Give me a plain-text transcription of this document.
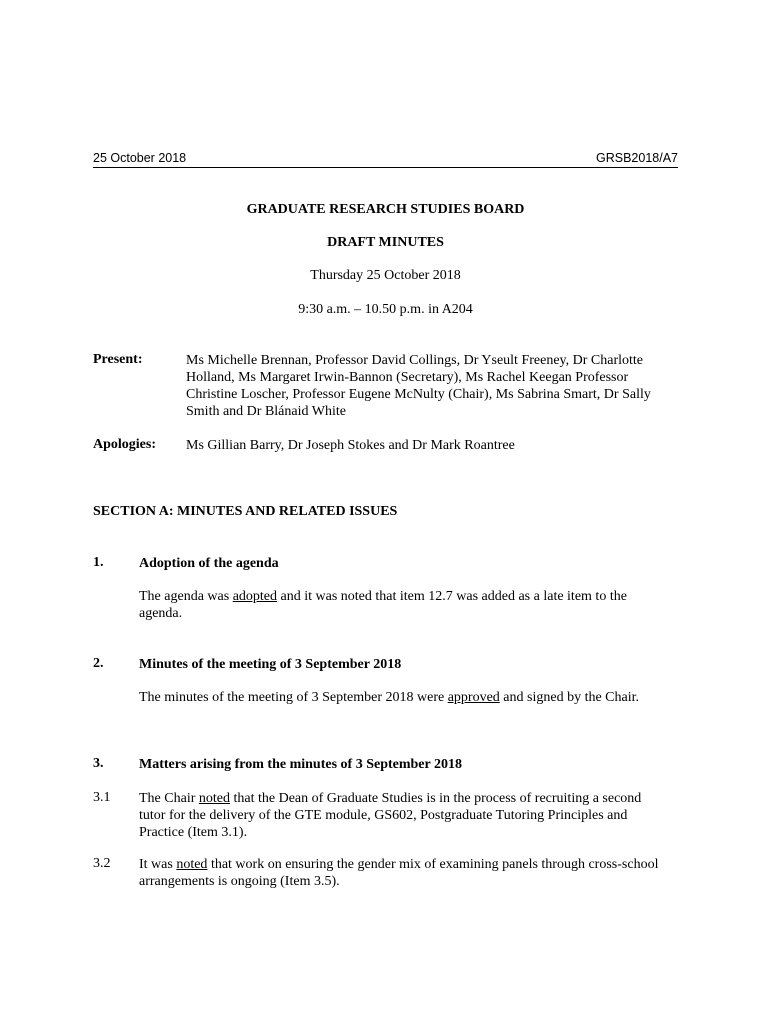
25 October 2018	GRSB2018/A7
GRADUATE RESEARCH STUDIES BOARD
DRAFT MINUTES
Thursday 25 October 2018
9:30 a.m. – 10.50 p.m. in A204
Present:	Ms Michelle Brennan, Professor David Collings, Dr Yseult Freeney, Dr Charlotte Holland, Ms Margaret Irwin-Bannon (Secretary), Ms Rachel Keegan Professor Christine Loscher, Professor Eugene McNulty (Chair), Ms Sabrina Smart, Dr Sally Smith and Dr Blánaid White
Apologies: Ms Gillian Barry, Dr Joseph Stokes and Dr Mark Roantree
SECTION A: MINUTES AND RELATED ISSUES
1.	Adoption of the agenda
The agenda was adopted and it was noted that item 12.7 was added as a late item to the agenda.
2.	Minutes of the meeting of 3 September 2018
The minutes of the meeting of 3 September 2018 were approved and signed by the Chair.
3.	Matters arising from the minutes of 3 September 2018
3.1 The Chair noted that the Dean of Graduate Studies is in the process of recruiting a second tutor for the delivery of the GTE module, GS602, Postgraduate Tutoring Principles and Practice (Item 3.1).
3.2 It was noted that work on ensuring the gender mix of examining panels through cross-school arrangements is ongoing (Item 3.5).
